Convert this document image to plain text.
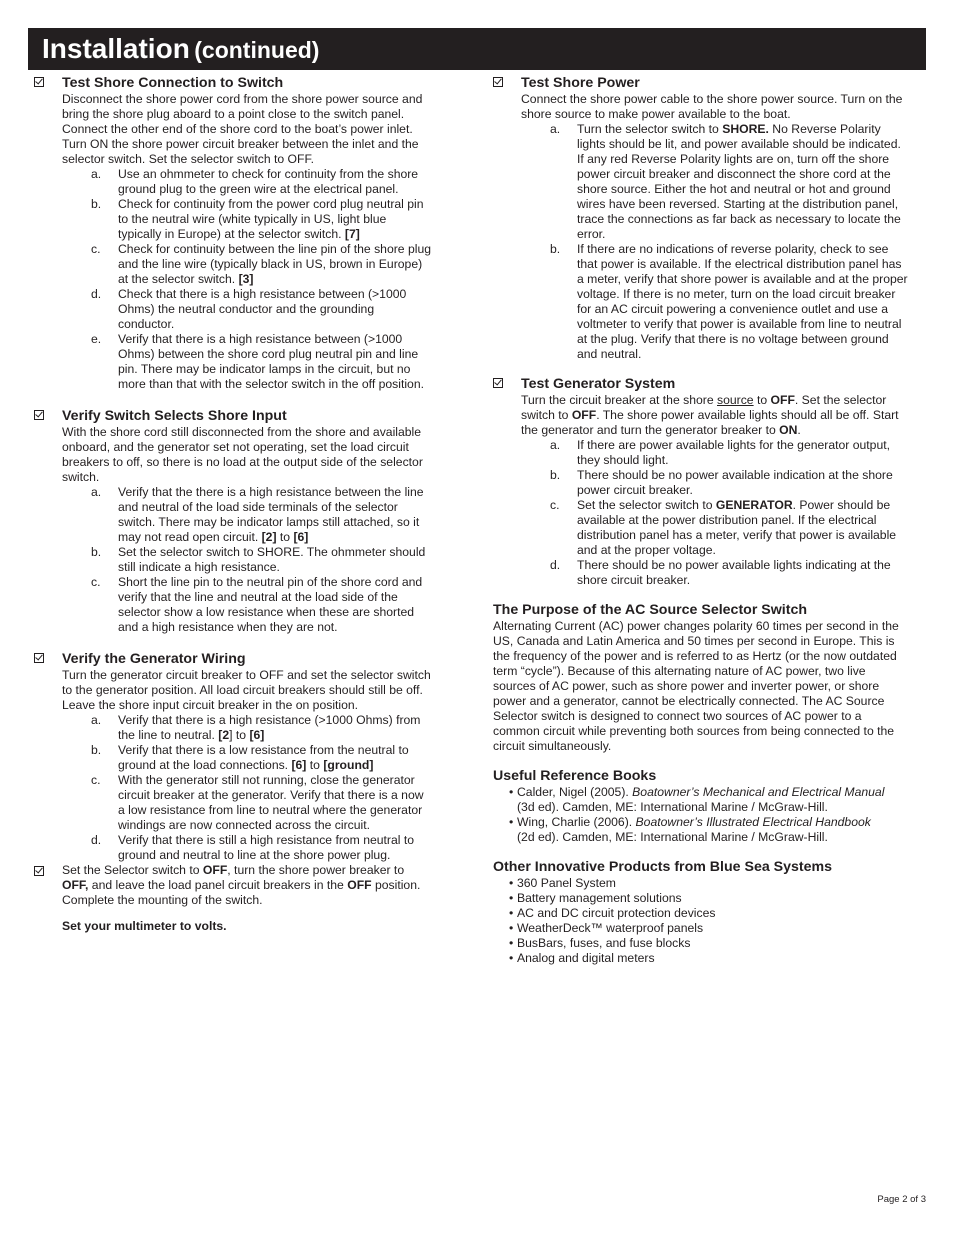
Installation (continued)
Test Shore Connection to Switch

Disconnect the shore power cord from the shore power source and bring the shore plug aboard to a point close to the switch panel. Connect the other end of the shore cord to the boat’s power inlet. Turn ON the shore power circuit breaker between the inlet and the selector switch. Set the selector switch to OFF.

a. Use an ohmmeter to check for continuity from the shore ground plug to the green wire at the electrical panel.
b. Check for continuity from the power cord plug neutral pin to the neutral wire (white typically in US, light blue typically in Europe) at the selector switch. [7]
c. Check for continuity between the line pin of the shore plug and the line wire (typically black in US, brown in Europe) at the selector switch. [3]
d. Check that there is a high resistance between (>1000 Ohms) the neutral conductor and the grounding conductor.
e. Verify that there is a high resistance between (>1000 Ohms) between the shore cord plug neutral pin and line pin. There may be indicator lamps in the circuit, but no more than that with the selector switch in the off position.
Verify Switch Selects Shore Input

With the shore cord still disconnected from the shore and available onboard, and the generator set not operating, set the load circuit breakers to off, so there is no load at the output side of the selector switch.

a. Verify that the there is a high resistance between the line and neutral of the load side terminals of the selector switch. There may be indicator lamps still attached, so it may not read open circuit. [2] to [6]
b. Set the selector switch to SHORE. The ohmmeter should still indicate a high resistance.
c. Short the line pin to the neutral pin of the shore cord and verify that the line and neutral at the load side of the selector show a low resistance when these are shorted and a high resistance when they are not.
Verify the Generator Wiring

Turn the generator circuit breaker to OFF and set the selector switch to the generator position. All load circuit breakers should still be off. Leave the shore input circuit breaker in the on position.

a. Verify that there is a high resistance (>1000 Ohms) from the line to neutral. [2] to [6]
b. Verify that there is a low resistance from the neutral to ground at the load connections. [6] to [ground]
c. With the generator still not running, close the generator circuit breaker at the generator. Verify that there is a now a low resistance from line to neutral where the generator windings are now connected across the circuit.
d. Verify that there is still a high resistance from neutral to ground and neutral to line at the shore power plug.

Set the Selector switch to OFF, turn the shore power breaker to OFF, and leave the load panel circuit breakers in the OFF position. Complete the mounting of the switch.

Set your multimeter to volts.

Test Shore Power

Connect the shore power cable to the shore power source. Turn on the shore source to make power available to the boat.

a. Turn the selector switch to SHORE. No Reverse Polarity lights should be lit, and power available should be indicated. If any red Reverse Polarity lights are on, turn off the shore power circuit breaker and disconnect the shore cord at the shore source. Either the hot and neutral or hot and ground wires have been reversed. Starting at the distribution panel, trace the connections as far back as necessary to locate the error.
b. If there are no indications of reverse polarity, check to see that power is available. If the electrical distribution panel has a meter, verify that shore power is available and at the proper voltage. If there is no meter, turn on the load circuit breaker for an AC circuit powering a convenience outlet and use a voltmeter to verify that power is available from line to neutral at the plug. Verify that there is no voltage between ground and neutral.
Test Generator System

Turn the circuit breaker at the shore source to OFF. Set the selector switch to OFF. The shore power available lights should all be off. Start the generator and turn the generator breaker to ON.

a. If there are power available lights for the generator output, they should light.
b. There should be no power available indication at the shore power circuit breaker.
c. Set the selector switch to GENERATOR. Power should be available at the power distribution panel. If the electrical distribution panel has a meter, verify that power is available and at the proper voltage.
d. There should be no power available lights indicating at the shore circuit breaker.
The Purpose of the AC Source Selector Switch

Alternating Current (AC) power changes polarity 60 times per second in the US, Canada and Latin America and 50 times per second in Europe. This is the frequency of the power and is referred to as Hertz (or the now outdated term “cycle”). Because of this alternating nature of AC power, two live sources of AC power, such as shore power and inverter power, or shore power and a generator, cannot be electrically connected. The AC Source Selector switch is designed to connect two sources of AC power to a common circuit while preventing both sources from being connected to the circuit simultaneously.

Useful Reference Books
• Calder, Nigel (2005). Boatowner’s Mechanical and Electrical Manual
(3d ed). Camden, ME: International Marine / McGraw-Hill.
• Wing, Charlie (2006). Boatowner’s Illustrated Electrical Handbook
(2d ed). Camden, ME: International Marine / McGraw-Hill.
Other Innovative Products from Blue Sea Systems
• 360 Panel System
• Battery management solutions
• AC and DC circuit protection devices
• WeatherDeck™ waterproof panels
• BusBars, fuses, and fuse blocks
• Analog and digital meters
Page 2 of 3
